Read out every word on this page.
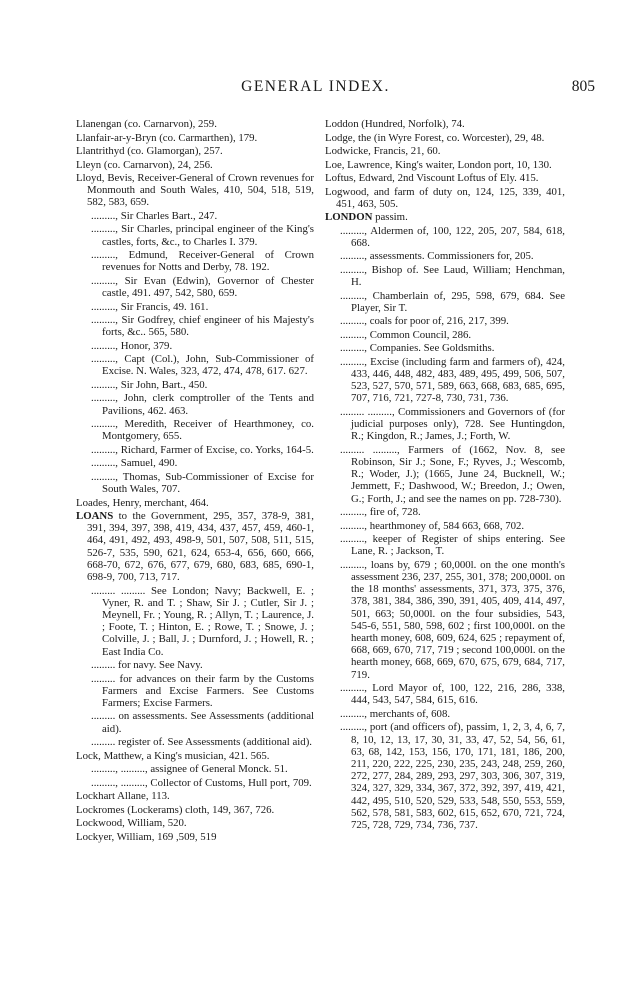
GENERAL INDEX.	805
Llanengan (co. Carnarvon), 259.
Llanfair-ar-y-Bryn (co. Carmarthen), 179.
Llantrithyd (co. Glamorgan), 257.
Lleyn (co. Carnarvon), 24, 256.
Lloyd, Bevis, Receiver-General of Crown revenues for Monmouth and South Wales, 410, 504, 518, 519, 582, 583, 659.
........., Sir Charles Bart., 247.
........., Sir Charles, principal engineer of the King's castles, forts, &c., to Charles I. 379.
........., Edmund, Receiver-General of Crown revenues for Notts and Derby, 78. 192.
........., Sir Evan (Edwin), Governor of Chester castle, 491. 497, 542, 580, 659.
........., Sir Francis, 49. 161.
........., Sir Godfrey, chief engineer of his Majesty's forts, &c.. 565, 580.
........., Honor, 379.
........., Capt (Col.), John, Sub-Commissioner of Excise. N. Wales, 323, 472, 474, 478, 617. 627.
........., Sir John, Bart., 450.
........., John, clerk comptroller of the Tents and Pavilions, 462. 463.
........., Meredith, Receiver of Hearthmoney, co. Montgomery, 655.
........., Richard, Farmer of Excise, co. Yorks, 164-5.
........., Samuel, 490.
........., Thomas, Sub-Commissioner of Excise for South Wales, 707.
Loades, Henry, merchant, 464.
LOANS to the Government, 295, 357, 378-9, 381, 391, 394, 397, 398, 419, 434, 437, 457, 459, 460-1, 464, 491, 492, 493, 498-9, 501, 507, 508, 511, 515, 526-7, 535, 590, 621, 624, 653-4, 656, 660, 666, 668-70, 672, 676, 677, 679, 680, 683, 685, 690-1, 698-9, 700, 713, 717.
......... ......... See London; Navy; Backwell, E. ; Vyner, R. and T. ; Shaw, Sir J. ; Cutler, Sir J. ; Meynell, Fr. ; Young, R. ; Allyn, T. ; Laurence, J. ; Foote, T. ; Hinton, E. ; Rowe, T. ; Snowe, J. ; Colville, J. ; Ball, J. ; Durnford, J. ; Howell, R. ; East India Co.
......... for navy. See Navy.
......... for advances on their farm by the Customs Farmers and Excise Farmers. See Customs Farmers; Excise Farmers.
......... on assessments. See Assessments (additional aid).
......... register of. See Assessments (additional aid).
Lock, Matthew, a King's musician, 421. 565.
........., ........., assignee of General Monck. 51.
........., ........., Collector of Customs, Hull port, 709.
Lockhart Allane, 113.
Lockromes (Lockerams) cloth, 149, 367, 726.
Lockwood, William, 520.
Lockyer, William, 169 ,509, 519
Loddon (Hundred, Norfolk), 74.
Lodge, the (in Wyre Forest, co. Worcester), 29, 48.
Lodwicke, Francis, 21, 60.
Loe, Lawrence, King's waiter, London port, 10, 130.
Loftus, Edward, 2nd Viscount Loftus of Ely. 415.
Logwood, and farm of duty on, 124, 125, 339, 401, 451, 463, 505.
LONDON passim.
........., Aldermen of, 100, 122, 205, 207, 584, 618, 668.
........., assessments. Commissioners for, 205.
........., Bishop of. See Laud, William; Henchman, H.
........., Chamberlain of, 295, 598, 679, 684. See Player, Sir T.
........., coals for poor of, 216, 217, 399.
........., Common Council, 286.
........., Companies. See Goldsmiths.
........., Excise (including farm and farmers of), 424, 433, 446, 448, 482, 483, 489, 495, 499, 506, 507, 523, 527, 570, 571, 589, 663, 668, 683, 685, 695, 707, 716, 721, 727-8, 730, 731, 736.
......... ........., Commissioners and Governors of (for judicial purposes only), 728. See Huntingdon, R.; Kingdon, R.; James, J.; Forth, W.
......... ........., Farmers of (1662, Nov. 8, see Robinson, Sir J.; Sone, F.; Ryves, J.; Wescomb, R.; Woder, J.); (1665, June 24, Bucknell, W.; Jemmett, F.; Dashwood, W.; Breedon, J.; Owen, G.; Forth, J.; and see the names on pp. 728-730).
........., fire of, 728.
........., hearthmoney of, 584 663, 668, 702.
........., keeper of Register of ships entering. See Lane, R. ; Jackson, T.
........., loans by, 679 ; 60,000l. on the one month's assessment 236, 237, 255, 301, 378; 200,000l. on the 18 months' assessments, 371, 373, 375, 376, 378, 381, 384, 386, 390, 391, 405, 409, 414, 497, 501, 663; 50,000l. on the four subsidies, 543, 545-6, 551, 580, 598, 602 ; first 100,000l. on the hearth money, 608, 609, 624, 625 ; repayment of, 668, 669, 670, 717, 719 ; second 100,000l. on the hearth money, 668, 669, 670, 675, 679, 684, 717, 719.
........., Lord Mayor of, 100, 122, 216, 286, 338, 444, 543, 547, 584, 615, 616.
........., merchants of, 608.
........., port (and officers of), passim, 1, 2, 3, 4, 6, 7, 8, 10, 12, 13, 17, 30, 31, 33, 47, 52, 54, 56, 61, 63, 68, 142, 153, 156, 170, 171, 181, 186, 200, 211, 220, 222, 225, 230, 235, 243, 248, 259, 260, 272, 277, 284, 289, 293, 297, 303, 306, 307, 319, 324, 327, 329, 334, 367, 372, 392, 397, 419, 421, 442, 495, 510, 520, 529, 533, 548, 550, 553, 559, 562, 578, 581, 583, 602, 615, 652, 670, 721, 724, 725, 728, 729, 734, 736, 737.
